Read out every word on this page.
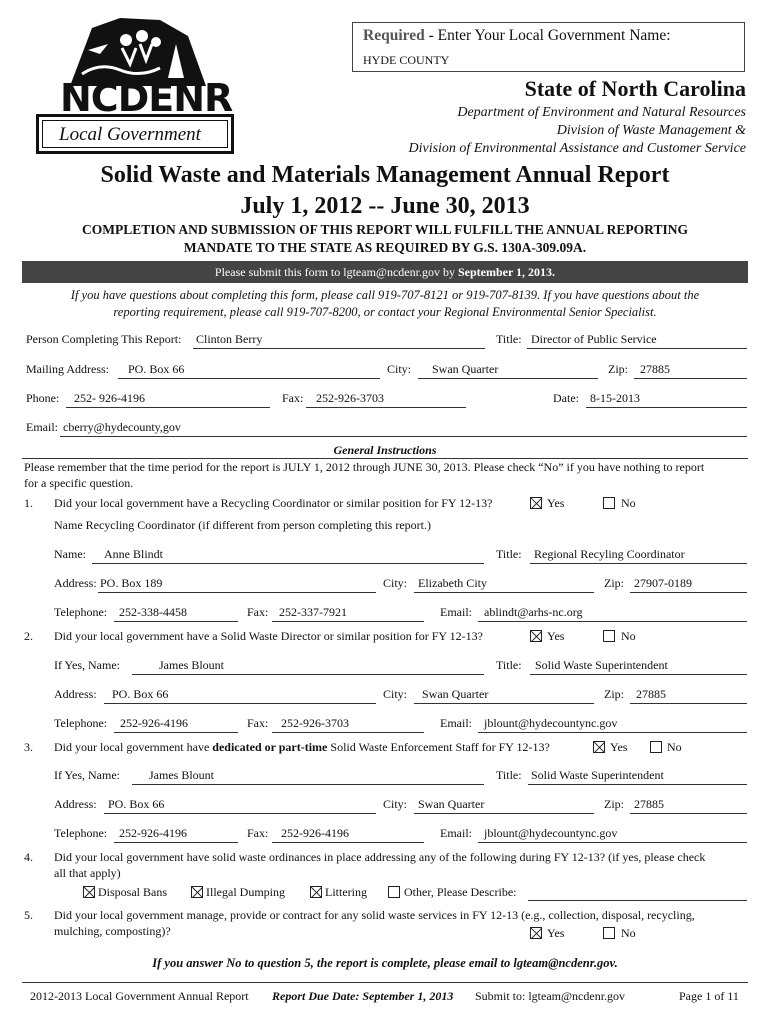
NCDENR
Local Government
Required - Enter Your Local Government Name:
HYDE COUNTY
State of North Carolina
Department of Environment and Natural Resources
Division of Waste Management &
Division of Environmental Assistance and Customer Service
Solid Waste and Materials Management Annual Report
July 1, 2012 -- June 30, 2013
COMPLETION AND SUBMISSION OF THIS REPORT WILL FULFILL THE ANNUAL REPORTING
MANDATE TO THE STATE AS REQUIRED BY G.S. 130A-309.09A.
Please submit this form to lgteam@ncdenr.gov by September 1, 2013.
If you have questions about completing this form, please call 919-707-8121 or 919-707-8139. If you have questions about the
reporting requirement, please call 919-707-8200, or contact your Regional Environmental Senior Specialist.
Person Completing This Report: Clinton Berry	Title: Director of Public Service
Mailing Address: PO. Box 66	City: Swan Quarter	Zip: 27885
Phone: 252- 926-4196	Fax: 252-926-3703	Date: 8-15-2013
Email: cberry@hydecounty,gov
General Instructions
Please remember that the time period for the report is JULY 1, 2012 through JUNE 30, 2013. Please check “No” if you have nothing to report
for a specific question.
1. Did your local government have a Recycling Coordinator or similar position for FY 12-13?	Yes	No
Name Recycling Coordinator (if different from person completing this report.)
Name: Anne Blindt	Title: Regional Recyling Coordinator
Address: PO. Box 189	City: Elizabeth City	Zip: 27907-0189
Telephone: 252-338-4458	Fax: 252-337-7921	Email: ablindt@arhs-nc.org
2. Did your local government have a Solid Waste Director or similar position for FY 12-13?	Yes	No
If Yes, Name:	James Blount	Title: Solid Waste Superintendent
Address: PO. Box 66	City: Swan Quarter	Zip: 27885
Telephone: 252-926-4196	Fax: 252-926-3703	Email: jblount@hydecountync.gov
3. Did your local government have dedicated or part-time Solid Waste Enforcement Staff for FY 12-13?	Yes	No
If Yes, Name: James Blount	Title: Solid Waste Superintendent
Address: PO. Box 66	City: Swan Quarter	Zip: 27885
Telephone: 252-926-4196	Fax: 252-926-4196	Email: jblount@hydecountync.gov
4. Did your local government have solid waste ordinances in place addressing any of the following during FY 12-13? (if yes, please check
all that apply)
Disposal Bans	Illegal Dumping	Littering	Other, Please Describe:
5. Did your local government manage, provide or contract for any solid waste services in FY 12-13 (e.g., collection, disposal, recycling,
mulching, composting)?	Yes	No
If you answer No to question 5, the report is complete, please email to lgteam@ncdenr.gov.
2012-2013 Local Government Annual Report Report Due Date: September 1, 2013 Submit to: lgteam@ncdenr.gov	Page 1 of 11
